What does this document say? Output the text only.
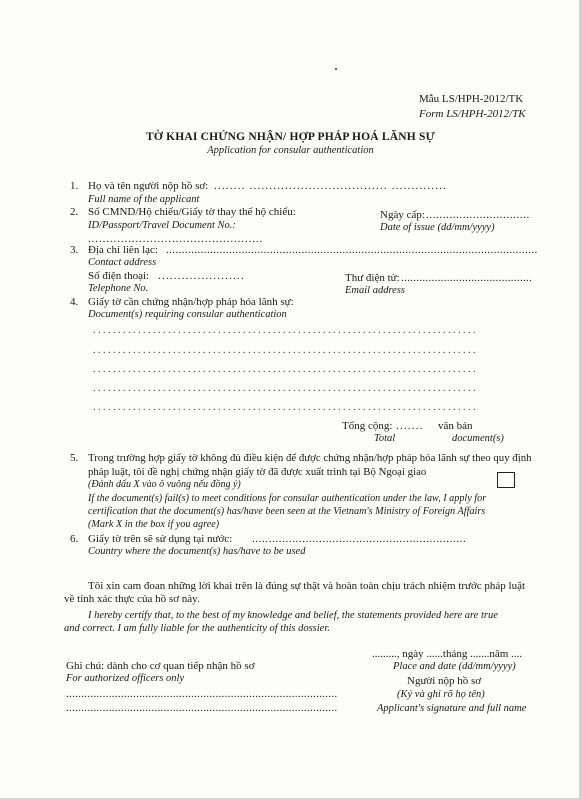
Mẫu LS/HPH-2012/TK
Form LS/HPH-2012/TK
TỜ KHAI CHỨNG NHẬN/ HỢP PHÁP HOÁ LÃNH SỰ
Application for consular authentication
1. Họ và tên người nộp hồ sơ: ........ ................................... ..............
Full name of the applicant
2. Số CMND/Hộ chiếu/Giấy tờ thay thế hộ chiếu:
ID/Passport/Travel Document No.:
................................................
Ngày cấp: ...............................
Date of issue (dd/mm/yyyy)
3. Địa chỉ liên lạc: ......................................................................................................................
Contact address
Số điện thoại: ......................
Telephone No.
Thư điện tử: ...........................................
Email address
4. Giấy tờ cần chứng nhận/hợp pháp hóa lãnh sự:
Document(s) requiring consular authentication
.............................................................................
.............................................................................
.............................................................................
.............................................................................
.............................................................................
Tổng cộng: ....... văn bản
Total	document(s)
5. Trong trường hợp giấy tờ không đủ điều kiện để được chứng nhận/hợp pháp hóa lãnh sự theo quy định
pháp luật, tôi đề nghị chứng nhận giấy tờ đã được xuất trình tại Bộ Ngoại giao
(Đánh dấu X vào ô vuông nếu đồng ý)
If the document(s) fail(s) to meet conditions for consular authentication under the law, I apply for
certification that the document(s) has/have been seen at the Vietnam's Ministry of Foreign Affairs
(Mark X in the box if you agree)
6. Giấy tờ trên sẽ sử dụng tại nước: ................................................................
Country where the document(s) has/have to be used
Tôi xin cam đoan những lời khai trên là đúng sự thật và hoàn toàn chịu trách nhiệm trước pháp luật
về tính xác thực của hồ sơ này.
I hereby certify that, to the best of my knowledge and belief, the statements provided here are true
and correct. I am fully liable for the authenticity of this dossier.
Ghi chú: dành cho cơ quan tiếp nhận hồ sơ
For authorized officers only
.........................................................................................
.........................................................................................
........., ngày ......tháng .......năm ....
Place and date (dd/mm/yyyy)
Người nộp hồ sơ
(Ký và ghi rõ họ tên)
Applicant's signature and full name
